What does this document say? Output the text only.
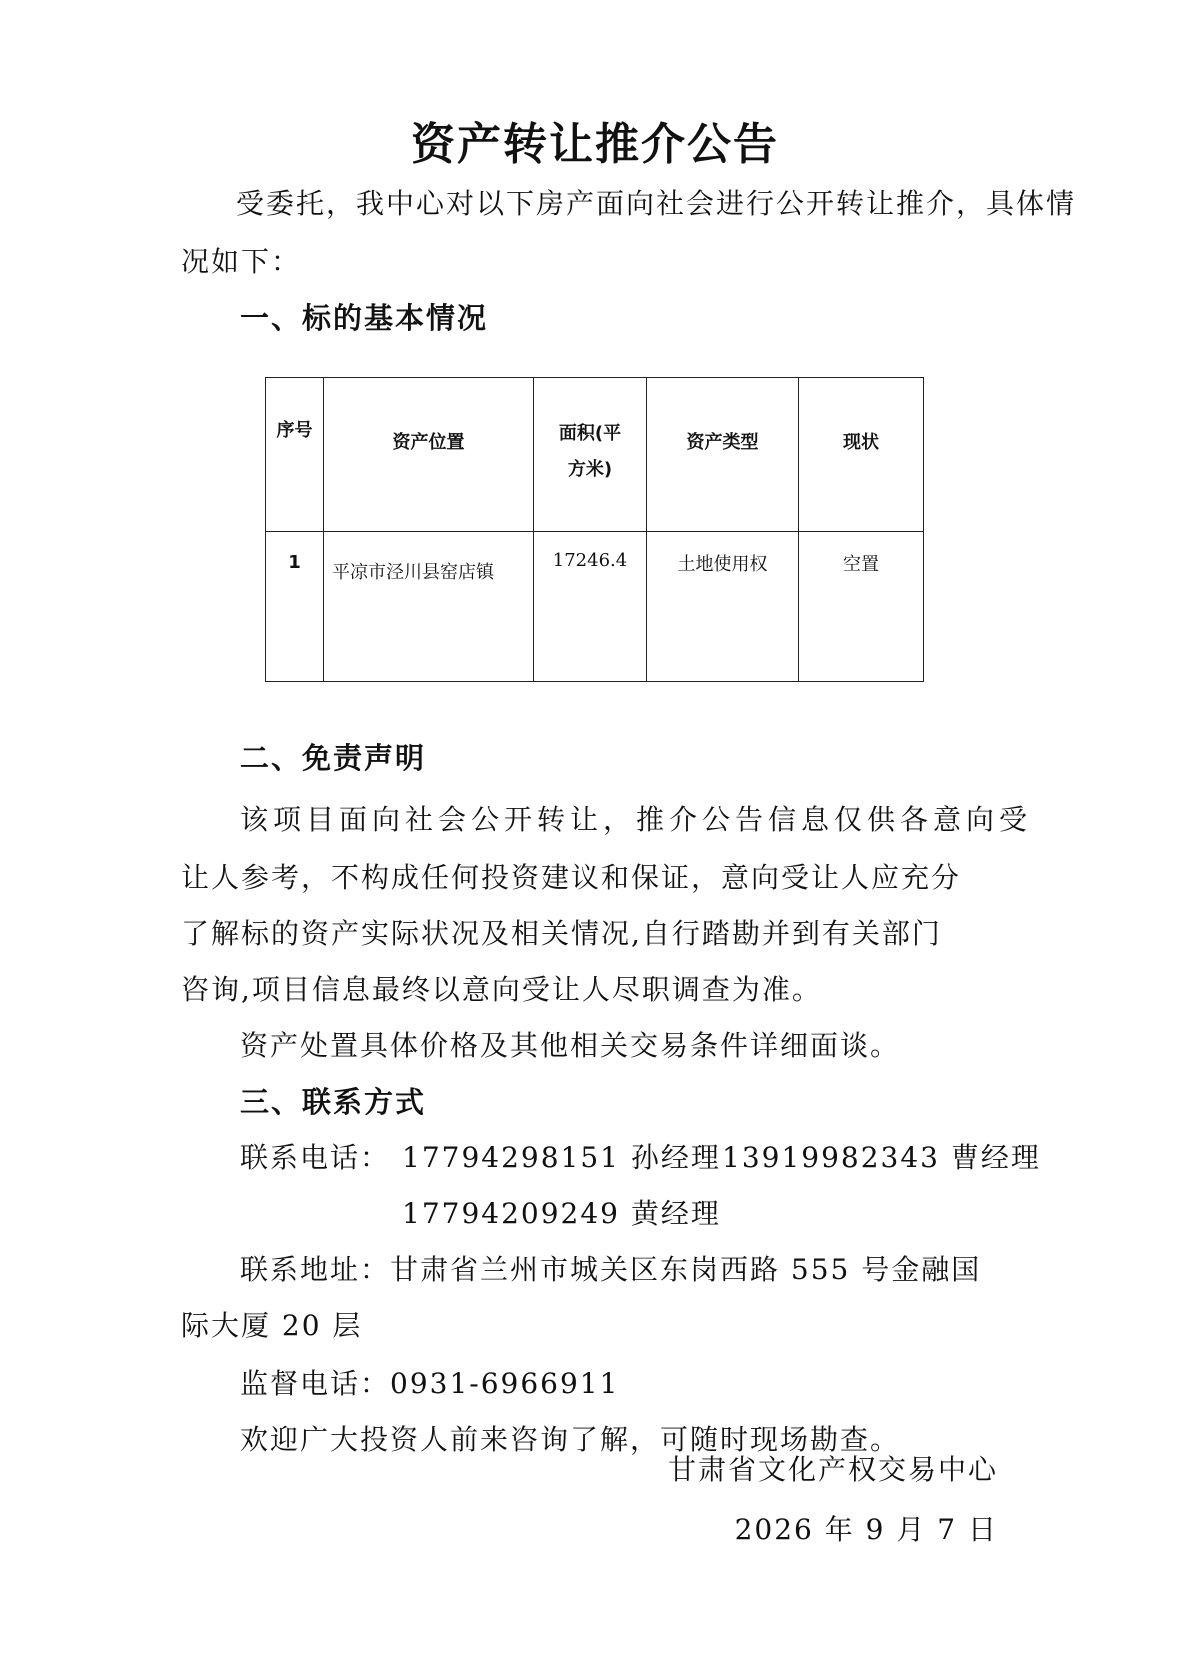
资产转让推介公告
受委托，我中心对以下房产面向社会进行公开转让推介，具体情
况如下：
一、标的基本情况
序号	资产位置	面积(平
方米)	资产类型	现状
1	平凉市泾川县窑店镇	17246.4	土地使用权	空置
二、免责声明
该项目面向社会公开转让，推介公告信息仅供各意向受
让人参考，不构成任何投资建议和保证，意向受让人应充分
了解标的资产实际状况及相关情况,自行踏勘并到有关部门
咨询,项目信息最终以意向受让人尽职调查为准。
资产处置具体价格及其他相关交易条件详细面谈。
三、联系方式
联系电话： 17794298151 孙经理 13919982343 曹经理
17794209249 黄经理
联系地址：甘肃省兰州市城关区东岗西路 555 号金融国
际大厦 20 层
监督电话：0931-6966911
欢迎广大投资人前来咨询了解，可随时现场勘查。
甘肃省文化产权交易中心
2026 年 9 月 7 日
